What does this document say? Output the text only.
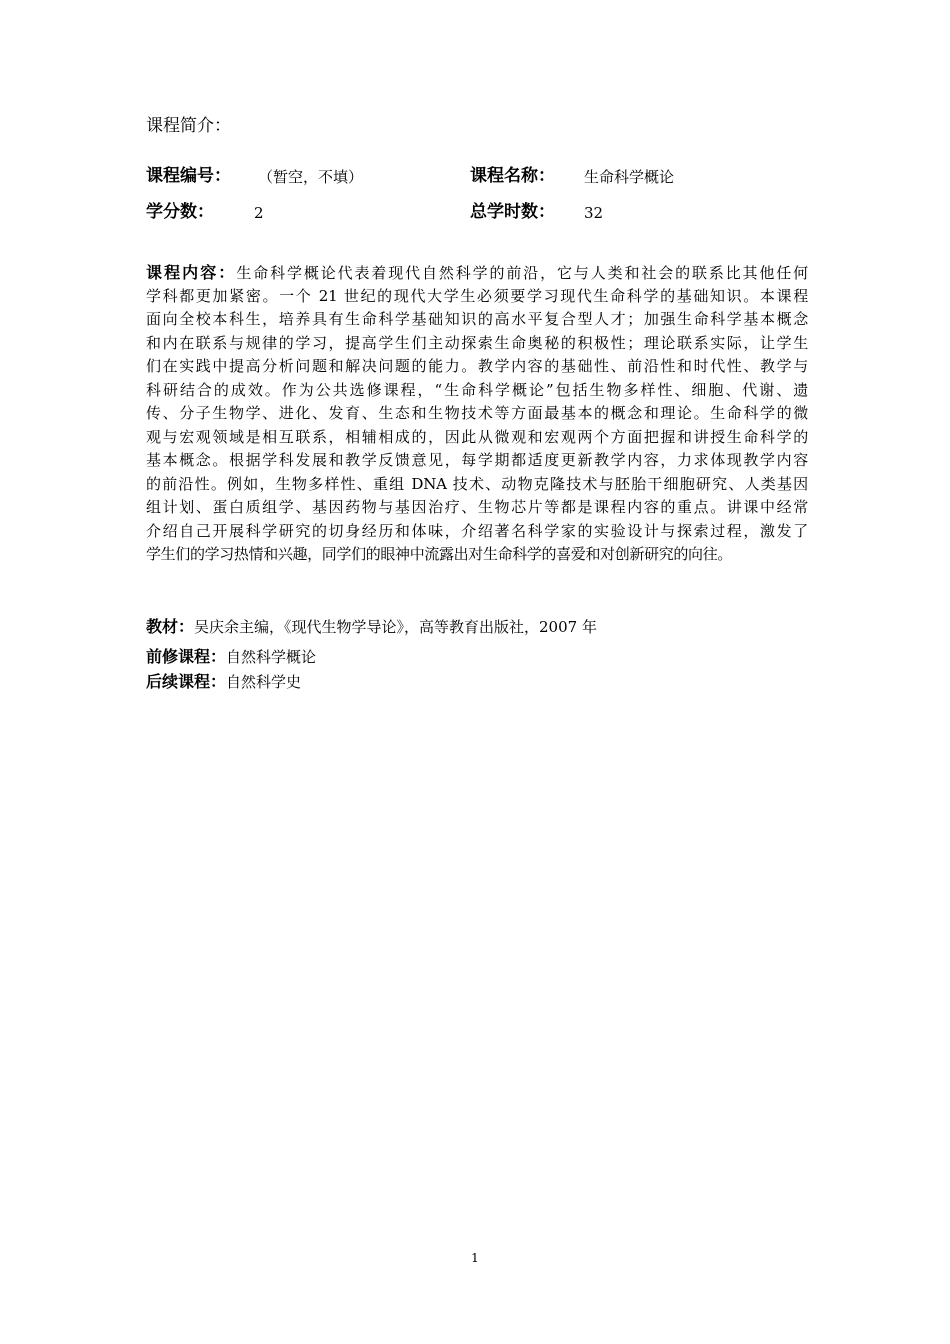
课程简介：
课程编号： （暂空，不填）	课程名称： 生命科学概论
学分数：	2	总学时数： 32
课程内容：生命科学概论代表着现代自然科学的前沿，它与人类和社会的联系比其他任何
学科都更加紧密。一个 21 世纪的现代大学生必须要学习现代生命科学的基础知识。本课程
面向全校本科生，培养具有生命科学基础知识的高水平复合型人才；加强生命科学基本概念
和内在联系与规律的学习，提高学生们主动探索生命奥秘的积极性；理论联系实际，让学生
们在实践中提高分析问题和解决问题的能力。教学内容的基础性、前沿性和时代性、教学与
科研结合的成效。作为公共选修课程，“生命科学概论”包括生物多样性、细胞、代谢、遗
传、分子生物学、进化、发育、生态和生物技术等方面最基本的概念和理论。生命科学的微
观与宏观领域是相互联系，相辅相成的，因此从微观和宏观两个方面把握和讲授生命科学的
基本概念。根据学科发展和教学反馈意见，每学期都适度更新教学内容，力求体现教学内容
的前沿性。例如，生物多样性、重组 DNA 技术、动物克隆技术与胚胎干细胞研究、人类基因
组计划、蛋白质组学、基因药物与基因治疗、生物芯片等都是课程内容的重点。讲课中经常
介绍自己开展科学研究的切身经历和体味，介绍著名科学家的实验设计与探索过程，激发了
学生们的学习热情和兴趣，同学们的眼神中流露出对生命科学的喜爱和对创新研究的向往。
教材：吴庆余主编，《现代生物学导论》，高等教育出版社，2007 年
前修课程：自然科学概论
后续课程：自然科学史
1
